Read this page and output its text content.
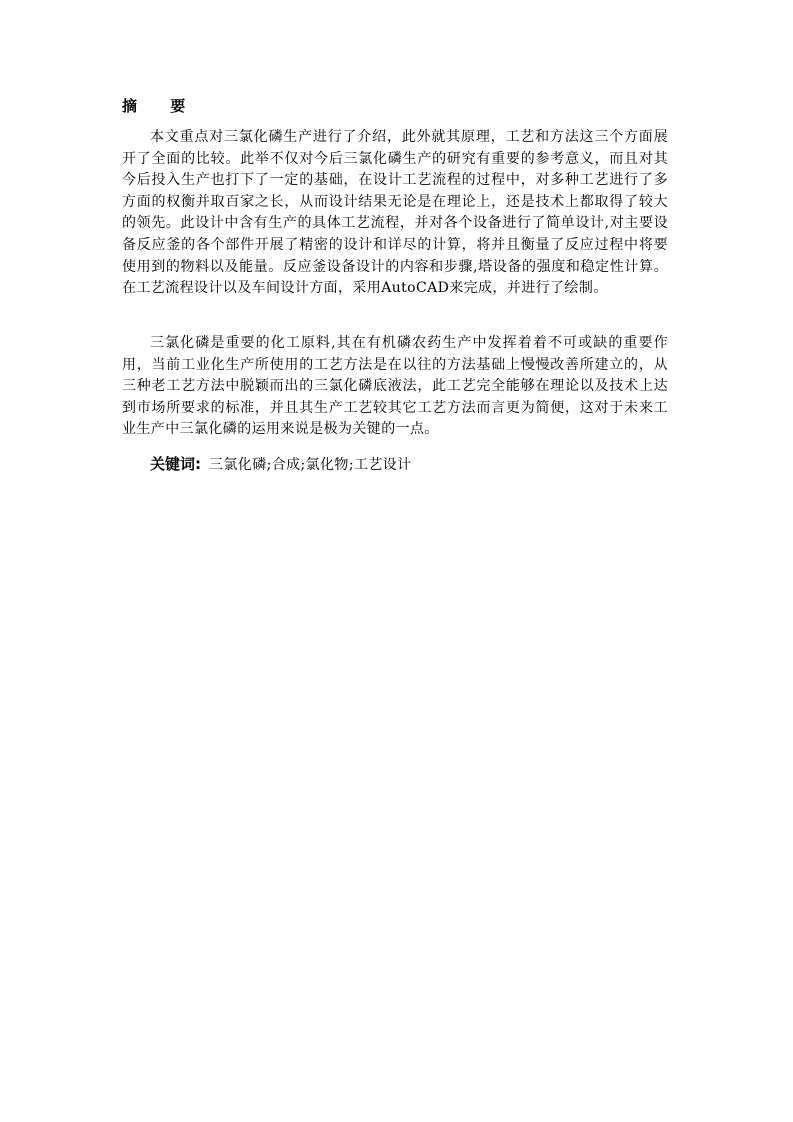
摘 要

本文重点对三氯化磷生产进行了介绍，此外就其原理，工艺和方法这三个方面展开了全面的比较。此举不仅对今后三氯化磷生产的研究有重要的参考意义，而且对其今后投入生产也打下了一定的基础，在设计工艺流程的过程中，对多种工艺进行了多方面的权衡并取百家之长，从而设计结果无论是在理论上，还是技术上都取得了较大的领先。此设计中含有生产的具体工艺流程，并对各个设备进行了简单设计,对主要设备反应釜的各个部件开展了精密的设计和详尽的计算，将并且衡量了反应过程中将要使用到的物料以及能量。反应釜设备设计的内容和步骤,塔设备的强度和稳定性计算。在工艺流程设计以及车间设计方面，采用AutoCAD来完成，并进行了绘制。

三氯化磷是重要的化工原料,其在有机磷农药生产中发挥着着不可或缺的重要作用，当前工业化生产所使用的工艺方法是在以往的方法基础上慢慢改善所建立的，从三种老工艺方法中脱颖而出的三氯化磷底液法，此工艺完全能够在理论以及技术上达到市场所要求的标准，并且其生产工艺较其它工艺方法而言更为简便，这对于未来工业生产中三氯化磷的运用来说是极为关键的一点。

关键词: 三氯化磷;合成;氯化物;工艺设计
